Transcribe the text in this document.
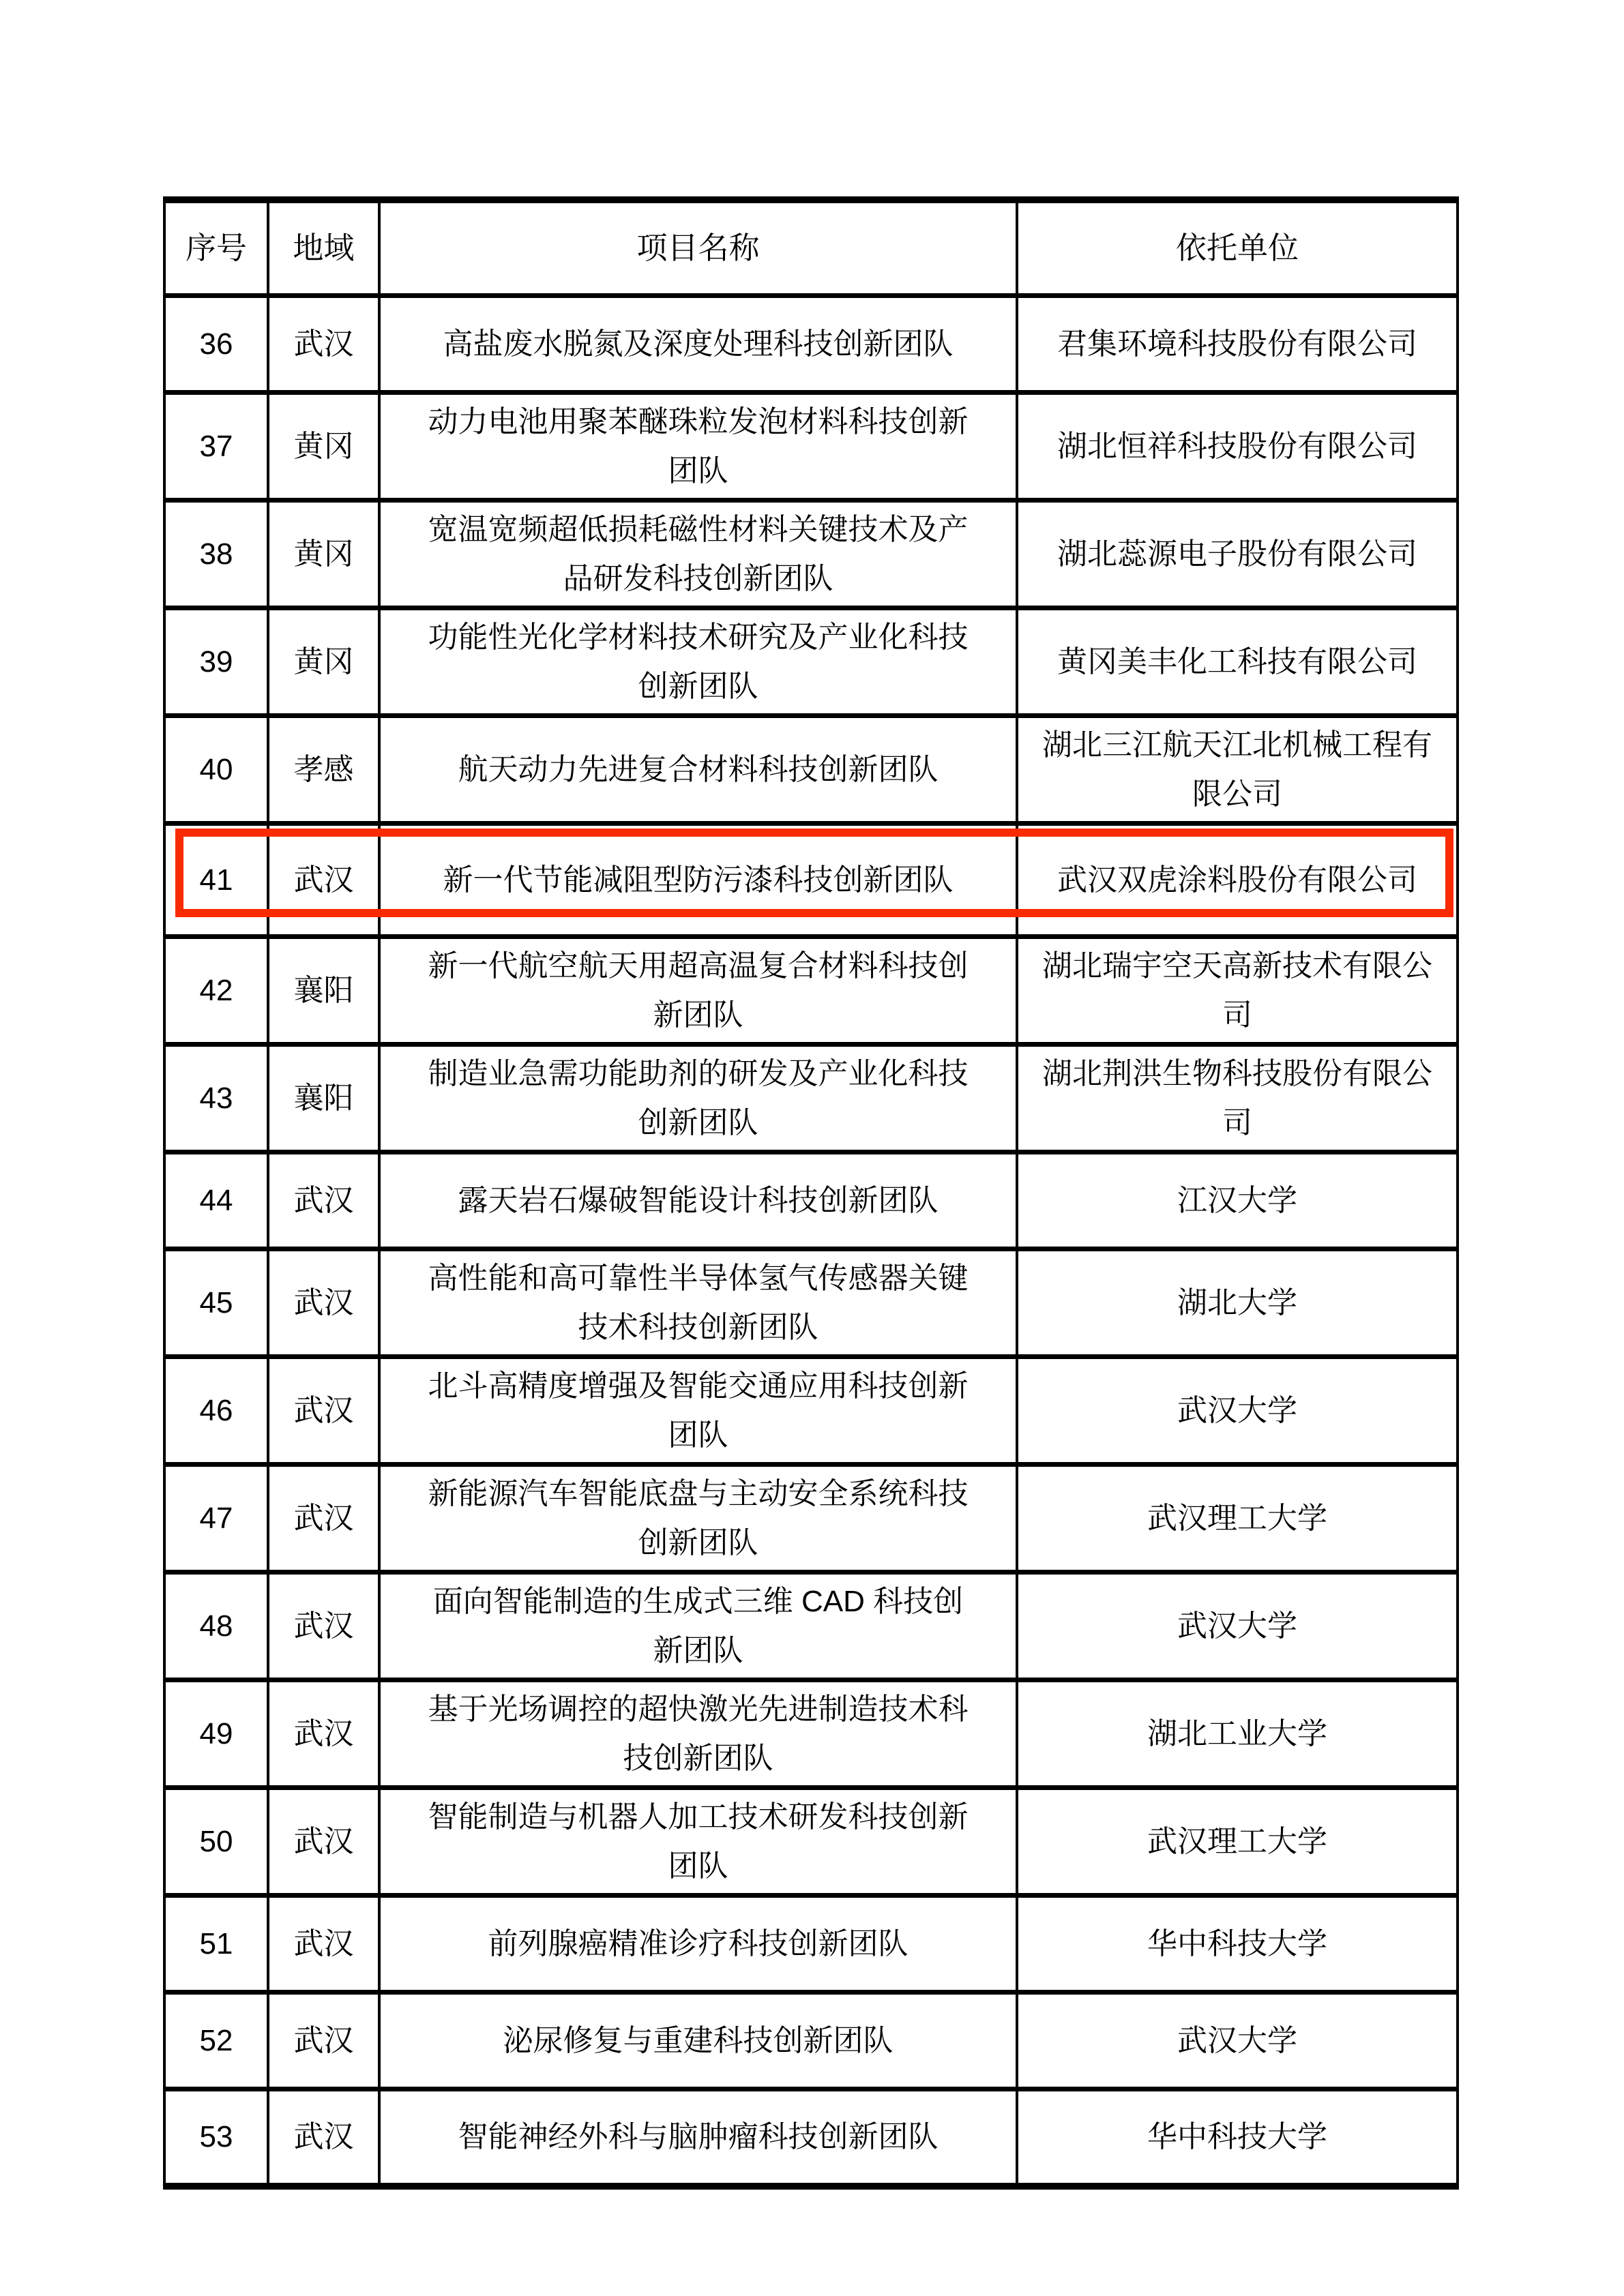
序号	地域	项目名称	依托单位
36	武汉	高盐废水脱氮及深度处理科技创新团队	君集环境科技股份有限公司
37	黄冈	动力电池用聚苯醚珠粒发泡材料科技创新团队	湖北恒祥科技股份有限公司
38	黄冈	宽温宽频超低损耗磁性材料关键技术及产品研发科技创新团队	湖北蕊源电子股份有限公司
39	黄冈	功能性光化学材料技术研究及产业化科技创新团队	黄冈美丰化工科技有限公司
40	孝感	航天动力先进复合材料科技创新团队	湖北三江航天江北机械工程有限公司
41	武汉	新一代节能减阻型防污漆科技创新团队	武汉双虎涂料股份有限公司
42	襄阳	新一代航空航天用超高温复合材料科技创新团队	湖北瑞宇空天高新技术有限公司
43	襄阳	制造业急需功能助剂的研发及产业化科技创新团队	湖北荆洪生物科技股份有限公司
44	武汉	露天岩石爆破智能设计科技创新团队	江汉大学
45	武汉	高性能和高可靠性半导体氢气传感器关键技术科技创新团队	湖北大学
46	武汉	北斗高精度增强及智能交通应用科技创新团队	武汉大学
47	武汉	新能源汽车智能底盘与主动安全系统科技创新团队	武汉理工大学
48	武汉	面向智能制造的生成式三维 CAD 科技创新团队	武汉大学
49	武汉	基于光场调控的超快激光先进制造技术科技创新团队	湖北工业大学
50	武汉	智能制造与机器人加工技术研发科技创新团队	武汉理工大学
51	武汉	前列腺癌精准诊疗科技创新团队	华中科技大学
52	武汉	泌尿修复与重建科技创新团队	武汉大学
53	武汉	智能神经外科与脑肿瘤科技创新团队	华中科技大学
